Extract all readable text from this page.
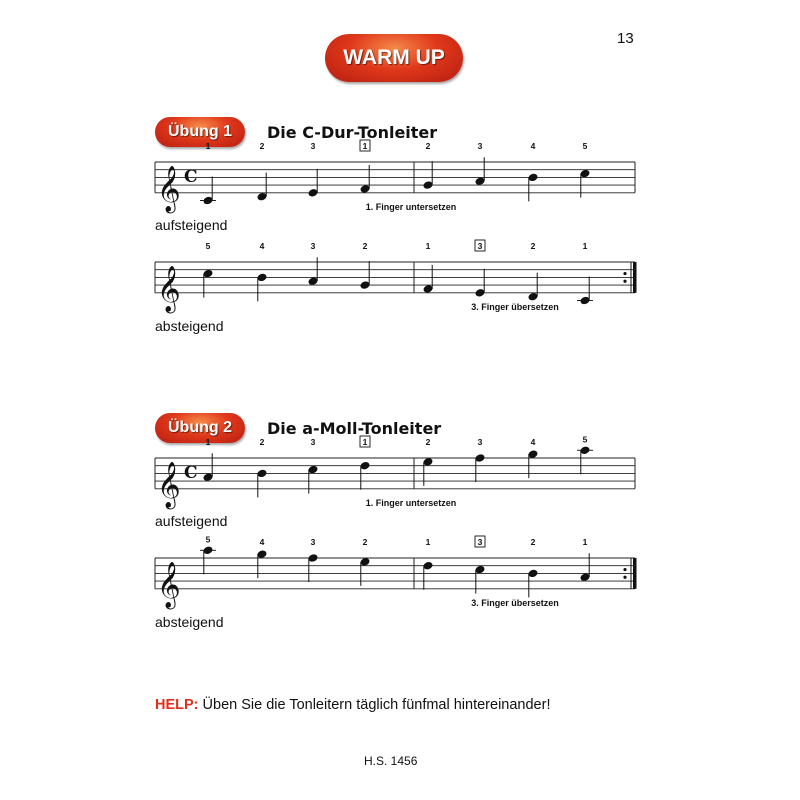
13
WARM UP
Übung 1	Die C-Dur-Tonleiter
Übung 2	Die a-Moll-Tonleiter
aufsteigend
absteigend
aufsteigend
absteigend
𝄞 C
1	2	3	1	2	3	4	5
1. Finger untersetzen
𝄞
5	4	3	2	1	3	2	1
3. Finger übersetzen
𝄞 C
1	2	3	1	2	3	4	5
1. Finger untersetzen
𝄞
5	4	3	2	1	3	2	1
3. Finger übersetzen
HELP: Üben Sie die Tonleitern täglich fünfmal hintereinander!
H.S. 1456
